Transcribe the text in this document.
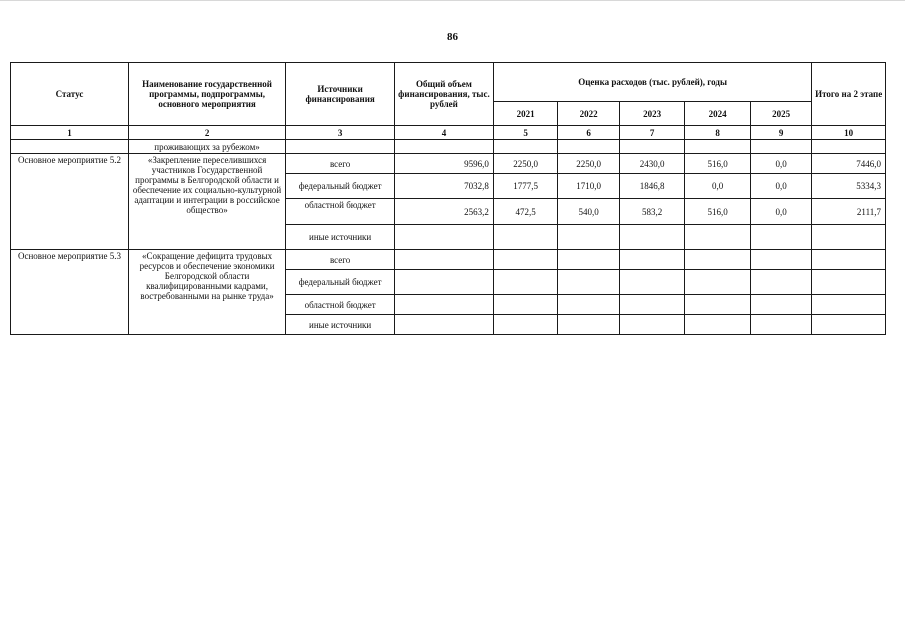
86
Статус	Наименование государственной программы, подпрограммы, основного мероприятия	Источники финансирования	Общий объем финансирования, тыс. рублей	Оценка расходов (тыс. рублей), годы					Итого на 2 этапе
				2021	2022	2023	2024	2025	
1	2	3	4	5	6	7	8	9	10
	проживающих за рубежом»								
Основное мероприятие 5.2	«Закрепление переселившихся участников Государственной программы в Белгородской области и обеспечение их социально-культурной адаптации и интеграции в российское общество»	всего	9596,0	2250,0	2250,0	2430,0	516,0	0,0	7446,0
		федеральный бюджет	7032,8	1777,5	1710,0	1846,8	0,0	0,0	5334,3
		областной бюджет	2563,2	472,5	540,0	583,2	516,0	0,0	2111,7
		иные источники							
Основное мероприятие 5.3	«Сокращение дефицита трудовых ресурсов и обеспечение экономики Белгородской области квалифицированными кадрами, востребованными на рынке труда»	всего							
		федеральный бюджет							
		областной бюджет							
		иные источники							
